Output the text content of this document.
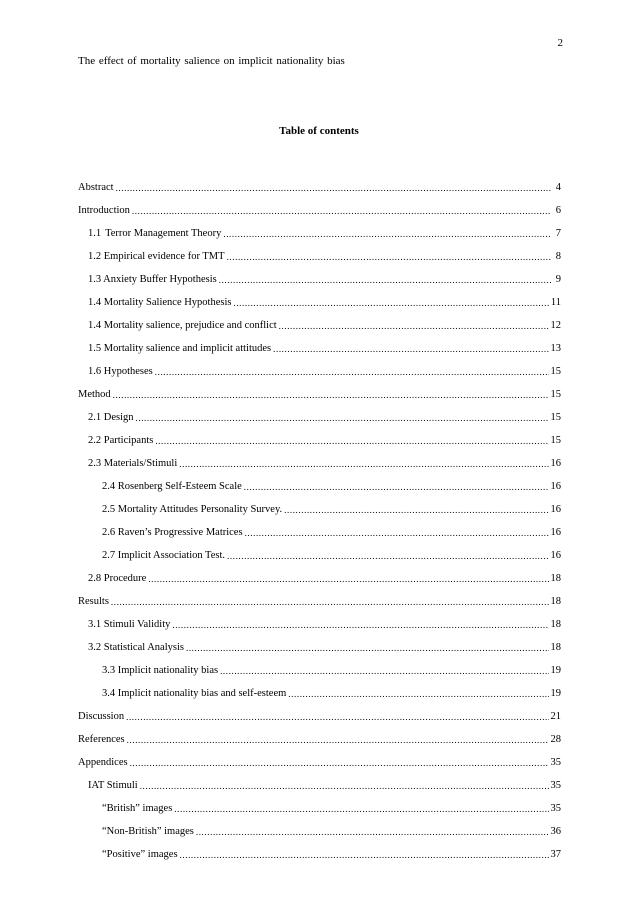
2
The effect of mortality salience on implicit nationality bias
Table of contents
Abstract .....	4
Introduction .....	6
1.1 Terror Management Theory .....	7
1.2 Empirical evidence for TMT .....	8
1.3 Anxiety Buffer Hypothesis .....	9
1.4 Mortality Salience Hypothesis .....	11
1.4 Mortality salience, prejudice and conflict .....	12
1.5 Mortality salience and implicit attitudes .....	13
1.6 Hypotheses .....	15
Method .....	15
2.1 Design .....	15
2.2 Participants .....	15
2.3 Materials/Stimuli .....	16
2.4 Rosenberg Self-Esteem Scale .....	16
2.5 Mortality Attitudes Personality Survey. .....	16
2.6 Raven’s Progressive Matrices .....	16
2.7 Implicit Association Test. .....	16
2.8 Procedure .....	18
Results .....	18
3.1 Stimuli Validity .....	18
3.2 Statistical Analysis .....	18
3.3 Implicit nationality bias .....	19
3.4 Implicit nationality bias and self-esteem .....	19
Discussion .....	21
References .....	28
Appendices .....	35
IAT Stimuli .....	35
“British” images .....	35
“Non-British” images .....	36
“Positive” images .....	37
